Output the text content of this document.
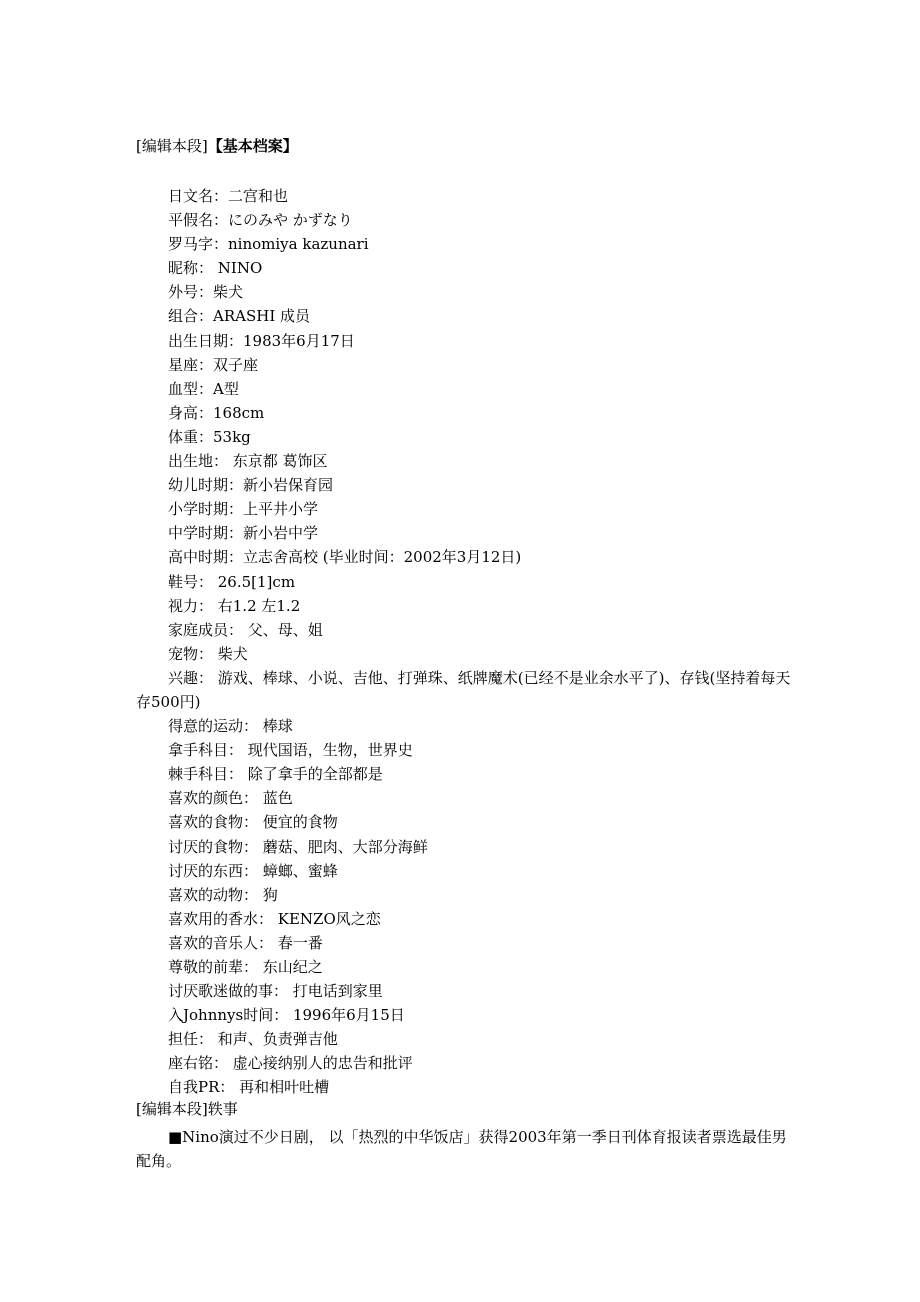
[编辑本段]【基本档案】
日文名：二宫和也
平假名：にのみや かずなり
罗马字：ninomiya kazunari
昵称： NINO
外号：柴犬
组合：ARASHI 成员
出生日期：1983年6月17日
星座：双子座
血型：A型
身高：168cm
体重：53kg
出生地： 东京都 葛饰区
幼儿时期：新小岩保育园
小学时期：上平井小学
中学时期：新小岩中学
高中时期：立志舍高校 (毕业时间：2002年3月12日)
鞋号： 26.5[1]cm
视力： 右1.2 左1.2
家庭成员： 父、母、姐
宠物： 柴犬
兴趣： 游戏、棒球、小说、吉他、打弹珠、纸牌魔术(已经不是业余水平了)、存钱(坚持着每天存500円)
得意的运动： 棒球
拿手科目： 现代国语，生物，世界史
棘手科目： 除了拿手的全部都是
喜欢的颜色： 蓝色
喜欢的食物： 便宜的食物
讨厌的食物： 蘑菇、肥肉、大部分海鲜
讨厌的东西： 蟑螂、蜜蜂
喜欢的动物： 狗
喜欢用的香水： KENZO风之恋
喜欢的音乐人： 春一番
尊敬的前辈： 东山纪之
讨厌歌迷做的事： 打电话到家里
入Johnnys时间： 1996年6月15日
担任： 和声、负责弹吉他
座右铭： 虚心接纳别人的忠告和批评
自我PR： 再和相叶吐槽
[编辑本段]轶事
■Nino演过不少日剧， 以「热烈的中华饭店」获得2003年第一季日刊体育报读者票选最佳男配角。
